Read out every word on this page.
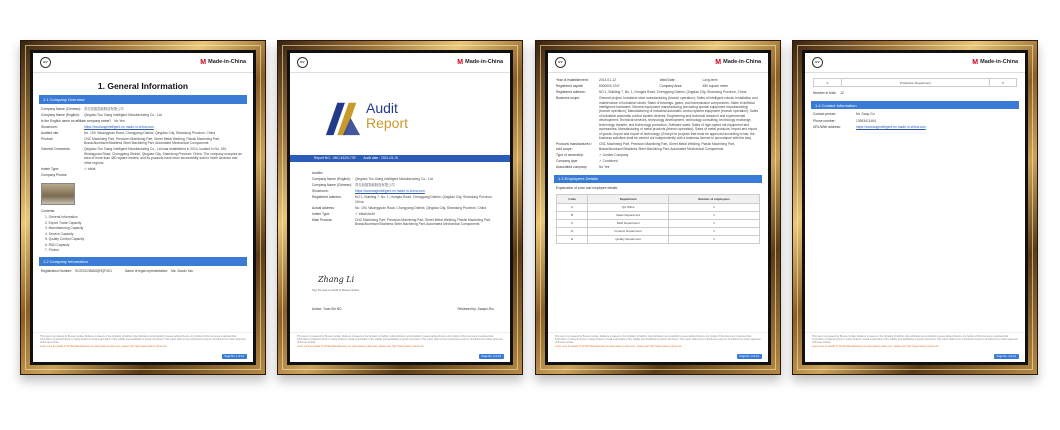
BV	M Made-in-China
1. General Information
1.1 Company Overview
Company Name (Chinese): 青岛拓翔智能制造有限公司
Company Name (English):	Qingdao Tuo Xiang Intelligent Manufacturing Co., Ltd.
Is the English name an affiliate company name? No Yes
Showroom:	https://tuoxiangintelligent.en.made-in-china.com
Audited site:	No. 190, Wuangyuan Road, Chongyang District, Qingdao City, Shandong Province, China
Product:	CNC Machining Part, Precision Machining Part, Sheet Metal Welding, Plastic Machining Part, Brass/Aluminum/Stainless Steel Machining Part, Automated Mechanical Components
General Comments:	Qingdao Tuo Xiang Intelligent Manufacturing Co., Ltd was established in 2014, located in No. 190, Wuangyuan Road, Chongyang District, Qingdao City, Shandong Province, China. The company occupies an area of more than 480 square meters, and its products have been successfully sold to North America and other regions.
Indent Type:	✓ Initial
Company Photos:
Contents:
1. General Information
2. Export Trade Capacity
3. Manufacturing Capacity
4. Service Capacity
5. Quality Control Capacity
6. R&D Capacity
7. Photos
1.2 Company Information
Registration Number: 91370213MA3QHQF4X1	Name of legal representative: Ms. Xiaolu Yan
This report is prepared by Bureau Veritas. Reliance is based on the limitation of liability, indemnification and jurisdiction issues defined therein. Any holder of this document is advised that information contained hereon is solely limited to visual examination of the validity and availability of goods mentioned. This report shall not be reproduced except in full without the written approval of Bureau Veritas.
Learn more for details of Verified Manufacturers on www.made-in-china.com, please visit: http://www.made-in-china.com
Page No. 1 of 13
BV	M Made-in-China
Audit
Report
Report NO. : MIC-43/20-739 Audit date : 2021-03-19
Auditor:
Company Name (English):	Qingdao Tuo Xiang Intelligent Manufacturing Co., Ltd.
Company Name (Chinese): 青岛拓翔智能制造有限公司
Showroom:	https://tuoxiangintelligent.en.made-in-china.com
Registered address:	NO.1, Building 7, No. 1, Hongda Road, Chengyang District, Qingdao City, Shandong Province, China
Actual address:	No. 190, Wuangyuan Road, Chongyang District, Qingdao City, Shandong Province, China
Indent Type:	✓ Initial Audit
Main Product:	CNC Machining Part, Precision Machining Part, Sheet Metal Welding, Plastic Machining Part, Brass/Aluminum/Stainless Steel Machining Part, Automated Mechanical Components
Zhang Li
Sign the seal on behalf of Bureau Veritas
Author: Yuan Shi NO	Reviewed by: Jiaoqin Zhu
This report is prepared by Bureau Veritas. Reliance is based on the limitation of liability, indemnification and jurisdiction issues defined therein. Any holder of this document is advised that information contained hereon is solely limited to visual examination of the validity and availability of goods mentioned. This report shall not be reproduced except in full without the written approval of Bureau Veritas.
Learn more for details of Verified Manufacturers on www.made-in-china.com, please visit: http://www.made-in-china.com
Page No. 2 of 13
BV	M Made-in-China
Year of establishment:	2014-01-12	Valid Date:	Long-term
Registered capital:	6000000 CNY	Company Area:	480 square meter
Registered address:	NO.1, Building 7, No. 1, Hongda Road, Chengyang District, Qingdao City, Shandong Province, China
Business scope:	General project: Industrial robot manufacturing (branch operation); Sales of intelligent robots; Installation and maintenance of industrial robots; Sales of bearings, gears, and transmission components; Sales of artificial intelligence hardware; General equipment manufacturing (excluding special equipment manufacturing) (branch operation); Manufacturing of industrial automatic control system equipment (branch operation); Sales of industrial automatic control system devices; Engineering and technical research and experimental development; Technical services, technology development, technology consulting, technology exchange, technology transfer, and technology promotion; Software sales; Sales of high-speed rail equipment and accessories; Manufacturing of metal products (branch operation); Sales of metal products; Import and export of goods; Import and export of technology. (Except for projects that must be approved according to law, the business activities shall be carried out independently with a business license in accordance with the law).
Products manufactured / sold scope:
CNC Machining Part, Precision Machining Part, Sheet Metal Welding, Plastic Machining Part, Brass/Aluminum/Stainless Steel Machining Part, Automated Mechanical Components
Type of ownership:	✓ Limited Company
Company type:	✓ Combined
Associated company:	No Yes
1.3 Employees Details
Explanation of code and employee details:
Code	Department	Number of employees
A	QA Office	1
B	Sales Department	1
C	R&D Department	1
D	Finance Department	1
E	Quality Department	1
This report is prepared by Bureau Veritas. Reliance is based on the limitation of liability, indemnification and jurisdiction issues defined therein. Any holder of this document is advised that information contained hereon is solely limited to visual examination of the validity and availability of goods mentioned. This report shall not be reproduced except in full without the written approval of Bureau Veritas.
Learn more for details of Verified Manufacturers on www.made-in-china.com, please visit: http://www.made-in-china.com
Page No. 3 of 13
BV	M Made-in-China
F	Production Department	5
Number in total : 12
1.4 Contact Information
Contact person:	Mr. Daqo Gu
Phone number:	13953411484
URL/Web address:	https://tuoxiangintelligent.en.made-in-china.com
This report is prepared by Bureau Veritas. Reliance is based on the limitation of liability, indemnification and jurisdiction issues defined therein. Any holder of this document is advised that information contained hereon is solely limited to visual examination of the validity and availability of goods mentioned. This report shall not be reproduced except in full without the written approval of Bureau Veritas.
Learn more for details of Verified Manufacturers on www.made-in-china.com, please visit: http://www.made-in-china.com
Page No. 4 of 13
